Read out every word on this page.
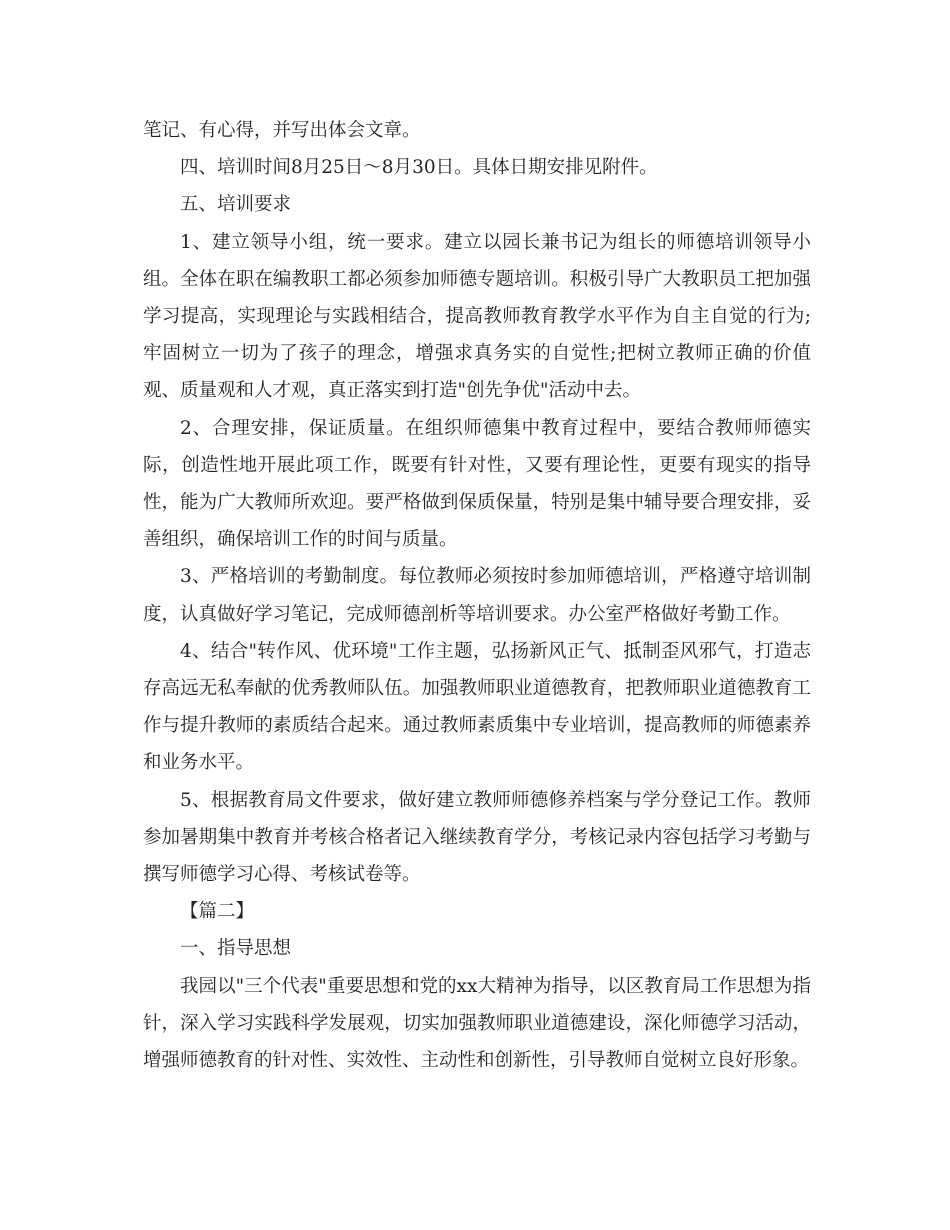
笔记、有心得，并写出体会文章。

四、培训时间8月25日～8月30日。具体日期安排见附件。

五、培训要求

1、建立领导小组，统一要求。建立以园长兼书记为组长的师德培训领导小组。全体在职在编教职工都必须参加师德专题培训。积极引导广大教职员工把加强学习提高，实现理论与实践相结合，提高教师教育教学水平作为自主自觉的行为;牢固树立一切为了孩子的理念，增强求真务实的自觉性;把树立教师正确的价值观、质量观和人才观，真正落实到打造"创先争优"活动中去。

2、合理安排，保证质量。在组织师德集中教育过程中，要结合教师师德实际，创造性地开展此项工作，既要有针对性，又要有理论性，更要有现实的指导性，能为广大教师所欢迎。要严格做到保质保量，特别是集中辅导要合理安排，妥善组织，确保培训工作的时间与质量。

3、严格培训的考勤制度。每位教师必须按时参加师德培训，严格遵守培训制度，认真做好学习笔记，完成师德剖析等培训要求。办公室严格做好考勤工作。

4、结合"转作风、优环境"工作主题，弘扬新风正气、抵制歪风邪气，打造志存高远无私奉献的优秀教师队伍。加强教师职业道德教育，把教师职业道德教育工作与提升教师的素质结合起来。通过教师素质集中专业培训，提高教师的师德素养和业务水平。

5、根据教育局文件要求，做好建立教师师德修养档案与学分登记工作。教师参加暑期集中教育并考核合格者记入继续教育学分，考核记录内容包括学习考勤与撰写师德学习心得、考核试卷等。

【篇二】

一、指导思想

我园以"三个代表"重要思想和党的xx大精神为指导，以区教育局工作思想为指针，深入学习实践科学发展观，切实加强教师职业道德建设，深化师德学习活动，增强师德教育的针对性、实效性、主动性和创新性，引导教师自觉树立良好形象。
